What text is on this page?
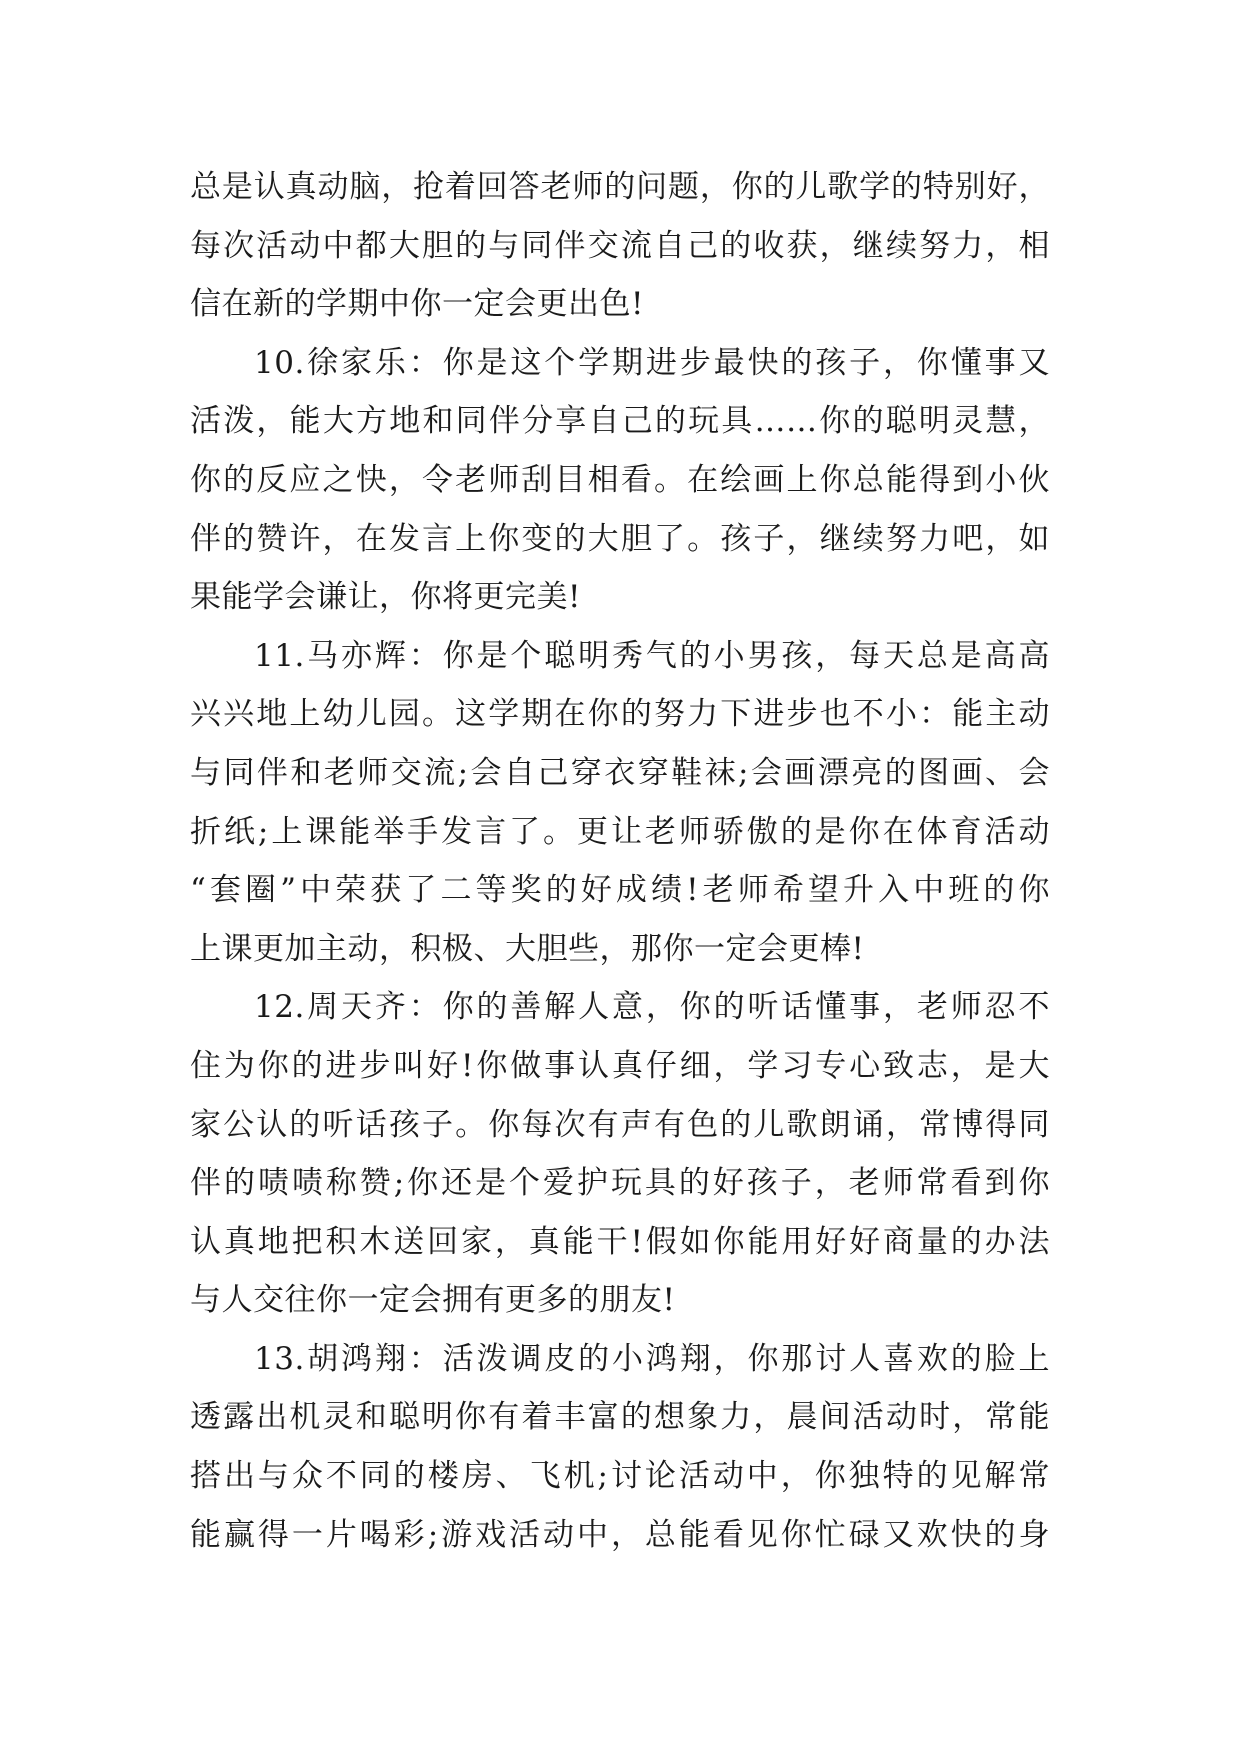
总是认真动脑，抢着回答老师的问题，你的儿歌学的特别好，
每次活动中都大胆的与同伴交流自己的收获，继续努力，相
信在新的学期中你一定会更出色!
10.徐家乐：你是这个学期进步最快的孩子，你懂事又
活泼，能大方地和同伴分享自己的玩具……你的聪明灵慧，
你的反应之快，令老师刮目相看。在绘画上你总能得到小伙
伴的赞许，在发言上你变的大胆了。孩子，继续努力吧，如
果能学会谦让，你将更完美!
11.马亦辉：你是个聪明秀气的小男孩，每天总是高高
兴兴地上幼儿园。这学期在你的努力下进步也不小：能主动
与同伴和老师交流;会自己穿衣穿鞋袜;会画漂亮的图画、会
折纸;上课能举手发言了。更让老师骄傲的是你在体育活动
“套圈”中荣获了二等奖的好成绩!老师希望升入中班的你
上课更加主动，积极、大胆些，那你一定会更棒!
12.周天齐：你的善解人意，你的听话懂事，老师忍不
住为你的进步叫好!你做事认真仔细，学习专心致志，是大
家公认的听话孩子。你每次有声有色的儿歌朗诵，常博得同
伴的啧啧称赞;你还是个爱护玩具的好孩子，老师常看到你
认真地把积木送回家，真能干!假如你能用好好商量的办法
与人交往你一定会拥有更多的朋友!
13.胡鸿翔：活泼调皮的小鸿翔，你那讨人喜欢的脸上
透露出机灵和聪明你有着丰富的想象力，晨间活动时，常能
搭出与众不同的楼房、飞机;讨论活动中，你独特的见解常
能赢得一片喝彩;游戏活动中，总能看见你忙碌又欢快的身
